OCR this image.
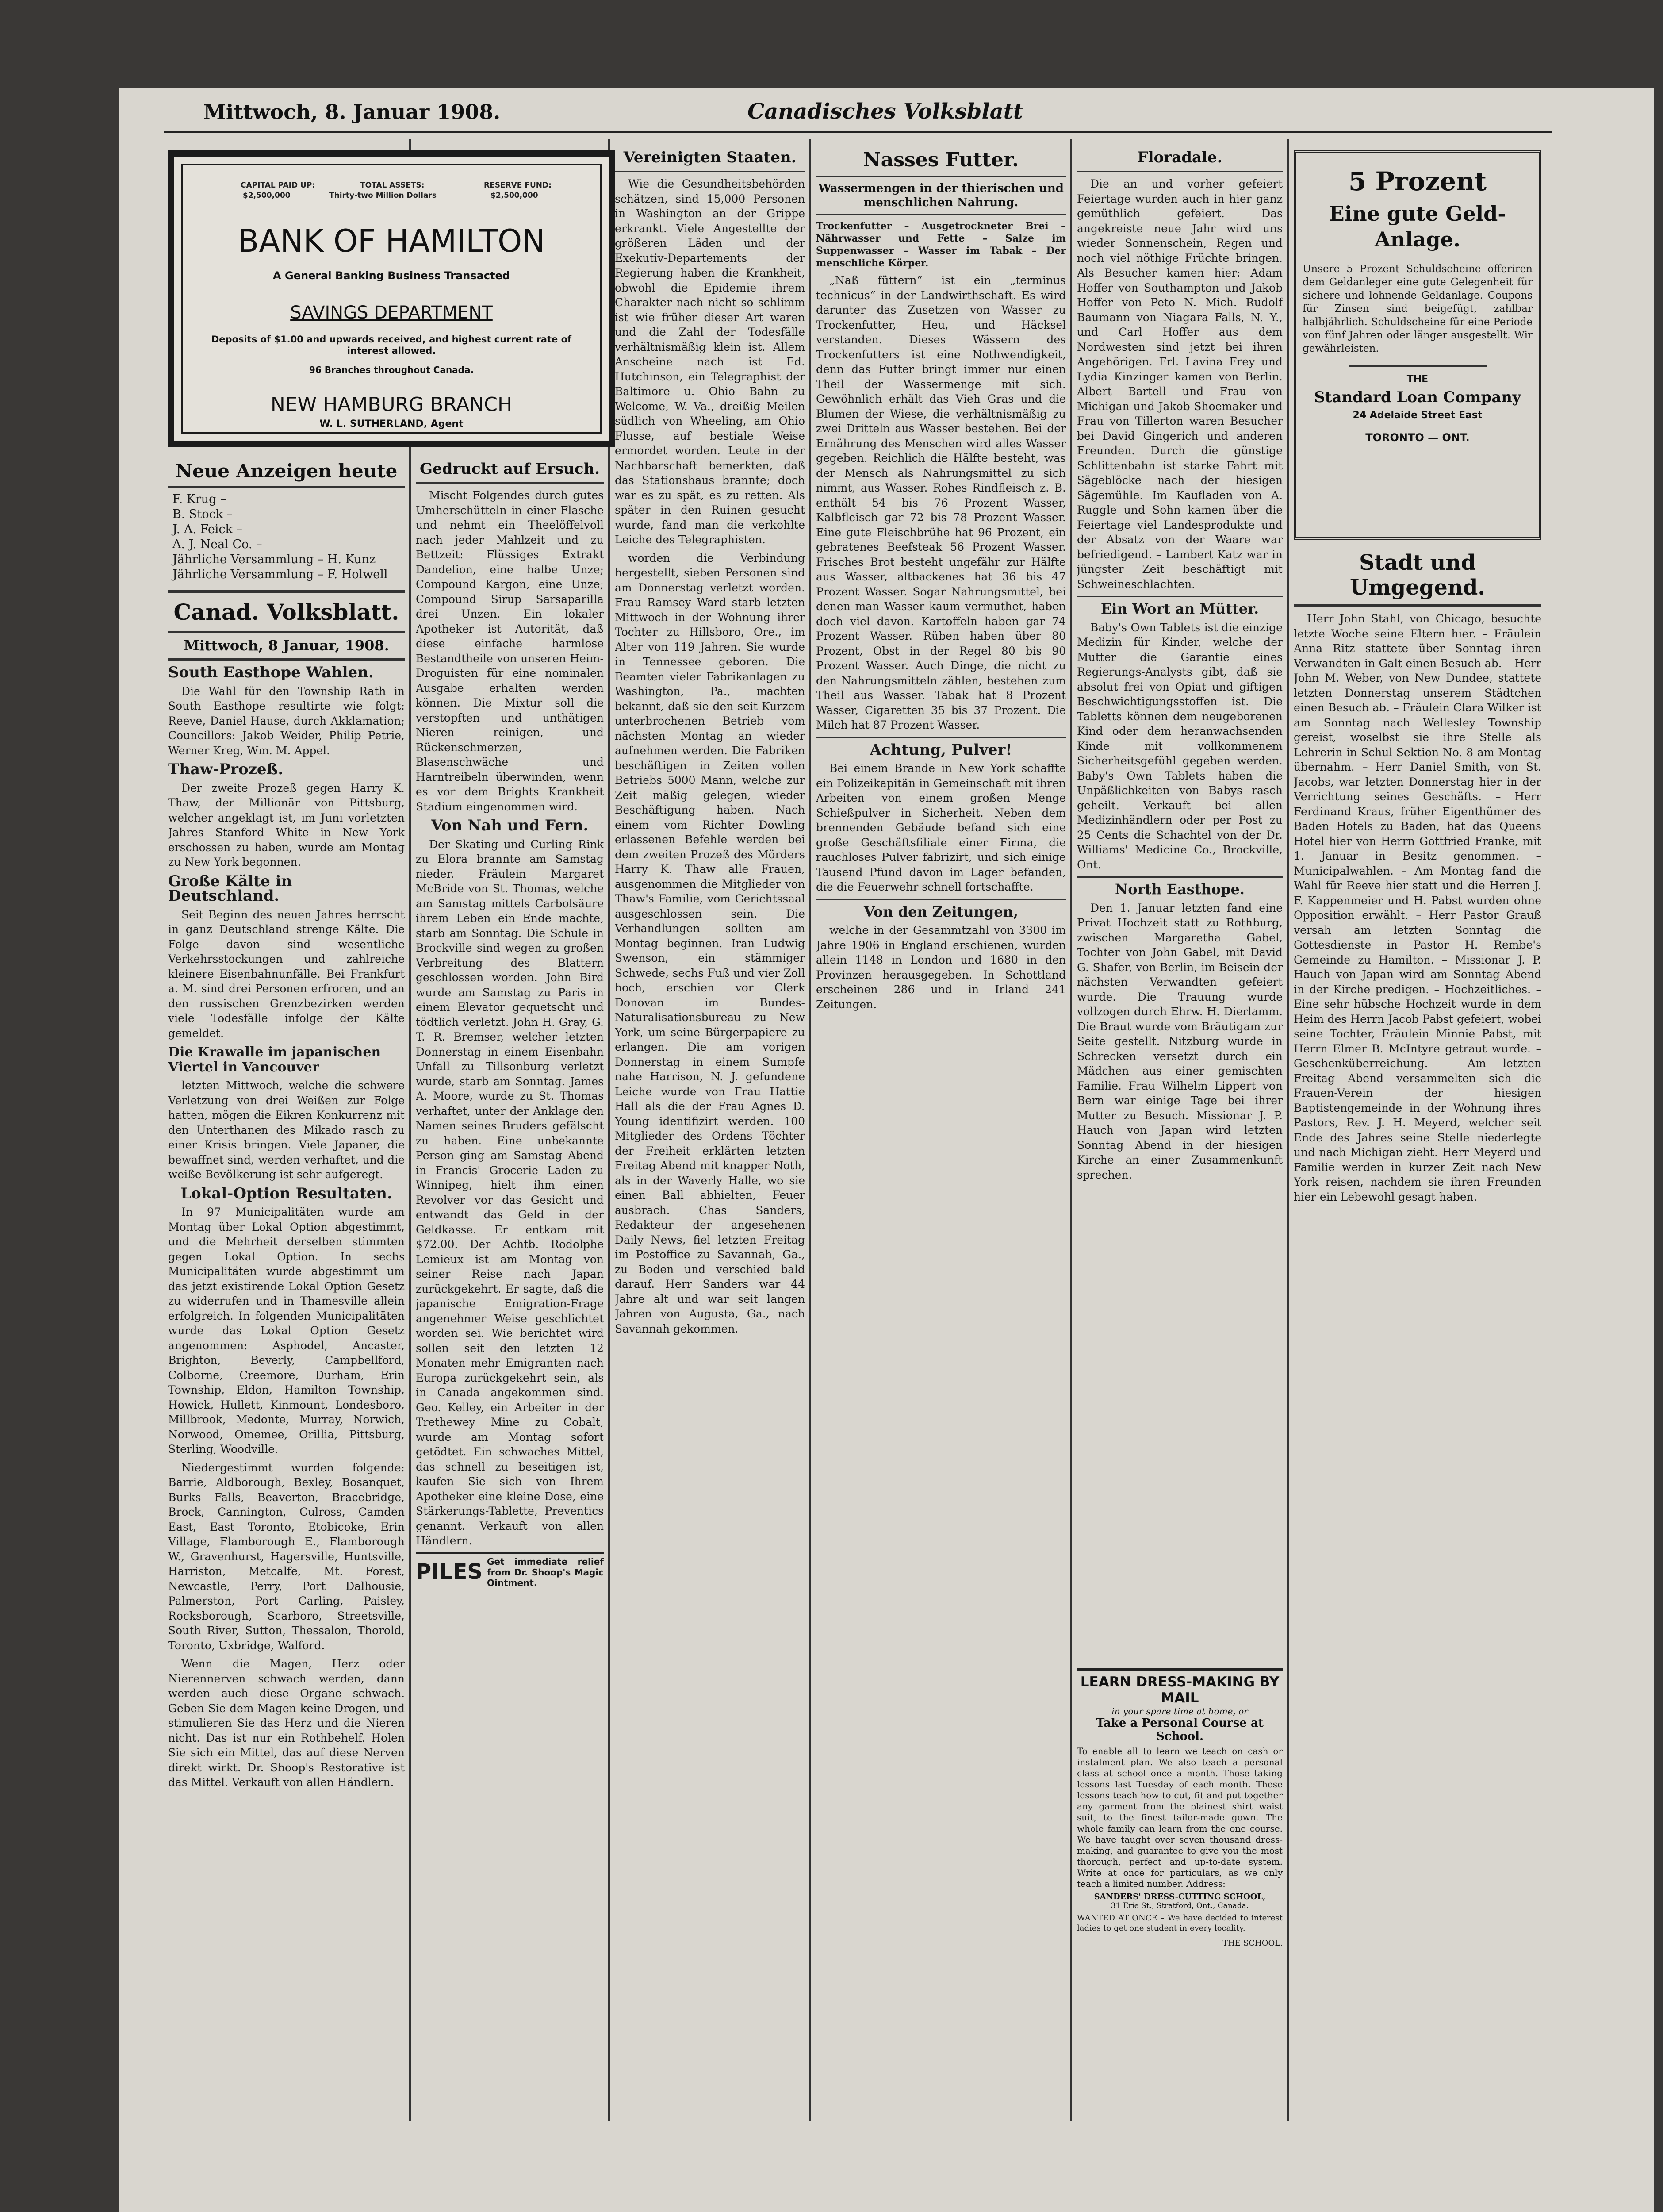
Mittwoch, 8. Januar 1908.	Canadisches Volksblatt
CAPITAL PAID UP:
$2,500,000
TOTAL ASSETS:
Thirty-two Million Dollars
RESERVE FUND:
$2,500,000
BANK OF HAMILTON
A General Banking Business Transacted
SAVINGS DEPARTMENT
Deposits of $1.00 and upwards received, and highest current rate of interest allowed.
96 Branches throughout Canada.
NEW HAMBURG BRANCH
W. L. SUTHERLAND, Agent
Neue Anzeigen heute
F. Krug –
B. Stock –
J. A. Feick –
A. J. Neal Co. –
Jährliche Versammlung – H. Kunz
Jährliche Versammlung – F. Holwell
Canad. Volksblatt.
Mittwoch, 8 Januar, 1908.
South Easthope Wahlen.

Die Wahl für den Township Rath in South Easthope resultirte wie folgt: Reeve, Daniel Hause, durch Akklamation; Councillors: Jakob Weider, Philip Petrie, Werner Kreg, Wm. M. Appel.

Thaw-Prozeß.

Der zweite Prozeß gegen Harry K. Thaw, der Millionär von Pittsburg, welcher angeklagt ist, im Juni vorletzten Jahres Stanford White in New York erschossen zu haben, wurde am Montag zu New York begonnen.

Große Kälte in Deutschland.

Seit Beginn des neuen Jahres herrscht in ganz Deutschland strenge Kälte. Die Folge davon sind wesentliche Verkehrsstockungen und zahlreiche kleinere Eisenbahnunfälle. Bei Frankfurt a. M. sind drei Personen erfroren, und an den russischen Grenzbezirken werden viele Todesfälle infolge der Kälte gemeldet.

Die Krawalle im japanischen Viertel in Vancouver

letzten Mittwoch, welche die schwere Verletzung von drei Weißen zur Folge hatten, mögen die Eikren Konkurrenz mit den Unterthanen des Mikado rasch zu einer Krisis bringen. Viele Japaner, die bewaffnet sind, werden verhaftet, und die weiße Bevölkerung ist sehr aufgeregt.

Lokal-Option Resultaten.

In 97 Municipalitäten wurde am Montag über Lokal Option abgestimmt, und die Mehrheit derselben stimmten gegen Lokal Option. In sechs Municipalitäten wurde abgestimmt um das jetzt existirende Lokal Option Gesetz zu widerrufen und in Thamesville allein erfolgreich. In folgenden Municipalitäten wurde das Lokal Option Gesetz angenommen: Asphodel, Ancaster, Brighton, Beverly, Campbellford, Colborne, Creemore, Durham, Erin Township, Eldon, Hamilton Township, Howick, Hullett, Kinmount, Londesboro, Millbrook, Medonte, Murray, Norwich, Norwood, Omemee, Orillia, Pittsburg, Sterling, Woodville.

Niedergestimmt wurden folgende: Barrie, Aldborough, Bexley, Bosanquet, Burks Falls, Beaverton, Bracebridge, Brock, Cannington, Culross, Camden East, East Toronto, Etobicoke, Erin Village, Flamborough E., Flamborough W., Gravenhurst, Hagersville, Huntsville, Harriston, Metcalfe, Mt. Forest, Newcastle, Perry, Port Dalhousie, Palmerston, Port Carling, Paisley, Rocksborough, Scarboro, Streetsville, South River, Sutton, Thessalon, Thorold, Toronto, Uxbridge, Walford.

Wenn die Magen, Herz oder Nierennerven schwach werden, dann werden auch diese Organe schwach. Geben Sie dem Magen keine Drogen, und stimulieren Sie das Herz und die Nieren nicht. Das ist nur ein Rothbehelf. Holen Sie sich ein Mittel, das auf diese Nerven direkt wirkt. Dr. Shoop's Restorative ist das Mittel. Verkauft von allen Händlern.

Gedruckt auf Ersuch.

Mischt Folgendes durch gutes Umherschütteln in einer Flasche und nehmt ein Theelöffelvoll nach jeder Mahlzeit und zu Bettzeit: Flüssiges Extrakt Dandelion, eine halbe Unze; Compound Kargon, eine Unze; Compound Sirup Sarsaparilla drei Unzen. Ein lokaler Apotheker ist Autorität, daß diese einfache harmlose Bestandtheile von unseren Heim-Droguisten für eine nominalen Ausgabe erhalten werden können. Die Mixtur soll die verstopften und unthätigen Nieren reinigen, und Rückenschmerzen, Blasenschwäche und Harntreibeln überwinden, wenn es vor dem Brights Krankheit Stadium eingenommen wird.

Von Nah und Fern.

Der Skating und Curling Rink zu Elora brannte am Samstag nieder. Fräulein Margaret McBride von St. Thomas, welche am Samstag mittels Carbolsäure ihrem Leben ein Ende machte, starb am Sonntag. Die Schule in Brockville sind wegen zu großen Verbreitung des Blattern geschlossen worden. John Bird wurde am Samstag zu Paris in einem Elevator gequetscht und tödtlich verletzt. John H. Gray, G. T. R. Bremser, welcher letzten Donnerstag in einem Eisenbahn Unfall zu Tillsonburg verletzt wurde, starb am Sonntag. James A. Moore, wurde zu St. Thomas verhaftet, unter der Anklage den Namen seines Bruders gefälscht zu haben. Eine unbekannte Person ging am Samstag Abend in Francis' Grocerie Laden zu Winnipeg, hielt ihm einen Revolver vor das Gesicht und entwandt das Geld in der Geldkasse. Er entkam mit $72.00. Der Achtb. Rodolphe Lemieux ist am Montag von seiner Reise nach Japan zurückgekehrt. Er sagte, daß die japanische Emigration-Frage angenehmer Weise geschlichtet worden sei. Wie berichtet wird sollen seit den letzten 12 Monaten mehr Emigranten nach Europa zurückgekehrt sein, als in Canada angekommen sind. Geo. Kelley, ein Arbeiter in der Trethewey Mine zu Cobalt, wurde am Montag sofort getödtet. Ein schwaches Mittel, das schnell zu beseitigen ist, kaufen Sie sich von Ihrem Apotheker eine kleine Dose, eine Stärkerungs-Tablette, Preventics genannt. Verkauft von allen Händlern.

PILES Get immediate relief from Dr. Shoop's Magic Ointment.
Vereinigten Staaten.

Wie die Gesundheitsbehörden schätzen, sind 15,000 Personen in Washington an der Grippe erkrankt. Viele Angestellte der größeren Läden und der Exekutiv-Departements der Regierung haben die Krankheit, obwohl die Epidemie ihrem Charakter nach nicht so schlimm ist wie früher dieser Art waren und die Zahl der Todesfälle verhältnismäßig klein ist. Allem Anscheine nach ist Ed. Hutchinson, ein Telegraphist der Baltimore u. Ohio Bahn zu Welcome, W. Va., dreißig Meilen südlich von Wheeling, am Ohio Flusse, auf bestiale Weise ermordet worden. Leute in der Nachbarschaft bemerkten, daß das Stationshaus brannte; doch war es zu spät, es zu retten. Als später in den Ruinen gesucht wurde, fand man die verkohlte Leiche des Telegraphisten.

worden die Verbindung hergestellt, sieben Personen sind am Donnerstag verletzt worden. Frau Ramsey Ward starb letzten Mittwoch in der Wohnung ihrer Tochter zu Hillsboro, Ore., im Alter von 119 Jahren. Sie wurde in Tennessee geboren. Die Beamten vieler Fabrikanlagen zu Washington, Pa., machten bekannt, daß sie den seit Kurzem unterbrochenen Betrieb vom nächsten Montag an wieder aufnehmen werden. Die Fabriken beschäftigen in Zeiten vollen Betriebs 5000 Mann, welche zur Zeit mäßig gelegen, wieder Beschäftigung haben. Nach einem vom Richter Dowling erlassenen Befehle werden bei dem zweiten Prozeß des Mörders Harry K. Thaw alle Frauen, ausgenommen die Mitglieder von Thaw's Familie, vom Gerichtssaal ausgeschlossen sein. Die Verhandlungen sollten am Montag beginnen. Iran Ludwig Swenson, ein stämmiger Schwede, sechs Fuß und vier Zoll hoch, erschien vor Clerk Donovan im Bundes-Naturalisationsbureau zu New York, um seine Bürgerpapiere zu erlangen. Die am vorigen Donnerstag in einem Sumpfe nahe Harrison, N. J. gefundene Leiche wurde von Frau Hattie Hall als die der Frau Agnes D. Young identifizirt werden. 100 Mitglieder des Ordens Töchter der Freiheit erklärten letzten Freitag Abend mit knapper Noth, als in der Waverly Halle, wo sie einen Ball abhielten, Feuer ausbrach. Chas Sanders, Redakteur der angesehenen Daily News, fiel letzten Freitag im Postoffice zu Savannah, Ga., zu Boden und verschied bald darauf. Herr Sanders war 44 Jahre alt und war seit langen Jahren von Augusta, Ga., nach Savannah gekommen.

Nasses Futter.
Wassermengen in der thierischen und menschlichen Nahrung.

Trockenfutter – Ausgetrockneter Brei – Nährwasser und Fette – Salze im Suppenwasser – Wasser im Tabak – Der menschliche Körper.

„Naß füttern“ ist ein „terminus technicus“ in der Landwirthschaft. Es wird darunter das Zusetzen von Wasser zu Trockenfutter, Heu, und Häcksel verstanden. Dieses Wässern des Trockenfutters ist eine Nothwendigkeit, denn das Futter bringt immer nur einen Theil der Wassermenge mit sich. Gewöhnlich erhält das Vieh Gras und die Blumen der Wiese, die verhältnismäßig zu zwei Dritteln aus Wasser bestehen. Bei der Ernährung des Menschen wird alles Wasser gegeben. Reichlich die Hälfte besteht, was der Mensch als Nahrungsmittel zu sich nimmt, aus Wasser. Rohes Rindfleisch z. B. enthält 54 bis 76 Prozent Wasser, Kalbfleisch gar 72 bis 78 Prozent Wasser. Eine gute Fleischbrühe hat 96 Prozent, ein gebratenes Beefsteak 56 Prozent Wasser. Frisches Brot besteht ungefähr zur Hälfte aus Wasser, altbackenes hat 36 bis 47 Prozent Wasser. Sogar Nahrungsmittel, bei denen man Wasser kaum vermuthet, haben doch viel davon. Kartoffeln haben gar 74 Prozent Wasser. Rüben haben über 80 Prozent, Obst in der Regel 80 bis 90 Prozent Wasser. Auch Dinge, die nicht zu den Nahrungsmitteln zählen, bestehen zum Theil aus Wasser. Tabak hat 8 Prozent Wasser, Cigaretten 35 bis 37 Prozent. Die Milch hat 87 Prozent Wasser.

Achtung, Pulver!

Bei einem Brande in New York schaffte ein Polizeikapitän in Gemeinschaft mit ihren Arbeiten von einem großen Menge Schießpulver in Sicherheit. Neben dem brennenden Gebäude befand sich eine große Geschäftsfiliale einer Firma, die rauchloses Pulver fabrizirt, und sich einige Tausend Pfund davon im Lager befanden, die die Feuerwehr schnell fortschaffte.

Von den Zeitungen,

welche in der Gesammtzahl von 3300 im Jahre 1906 in England erschienen, wurden allein 1148 in London und 1680 in den Provinzen herausgegeben. In Schottland erscheinen 286 und in Irland 241 Zeitungen.

Floradale.

Die an und vorher gefeiert Feiertage wurden auch in hier ganz gemüthlich gefeiert. Das angekreiste neue Jahr wird uns wieder Sonnenschein, Regen und noch viel nöthige Früchte bringen. Als Besucher kamen hier: Adam Hoffer von Southampton und Jakob Hoffer von Peto N. Mich. Rudolf Baumann von Niagara Falls, N. Y., und Carl Hoffer aus dem Nordwesten sind jetzt bei ihren Angehörigen. Frl. Lavina Frey und Lydia Kinzinger kamen von Berlin. Albert Bartell und Frau von Michigan und Jakob Shoemaker und Frau von Tillerton waren Besucher bei David Gingerich und anderen Freunden. Durch die günstige Schlittenbahn ist starke Fahrt mit Sägeblöcke nach der hiesigen Sägemühle. Im Kaufladen von A. Ruggle und Sohn kamen über die Feiertage viel Landesprodukte und der Absatz von der Waare war befriedigend. – Lambert Katz war in jüngster Zeit beschäftigt mit Schweineschlachten.

Ein Wort an Mütter.

Baby's Own Tablets ist die einzige Medizin für Kinder, welche der Mutter die Garantie eines Regierungs-Analysts gibt, daß sie absolut frei von Opiat und giftigen Beschwichtigungsstoffen ist. Die Tabletts können dem neugeborenen Kind oder dem heranwachsenden Kinde mit vollkommenem Sicherheitsgefühl gegeben werden. Baby's Own Tablets haben die Unpäßlichkeiten von Babys rasch geheilt. Verkauft bei allen Medizinhändlern oder per Post zu 25 Cents die Schachtel von der Dr. Williams' Medicine Co., Brockville, Ont.

North Easthope.

Den 1. Januar letzten fand eine Privat Hochzeit statt zu Rothburg, zwischen Margaretha Gabel, Tochter von John Gabel, mit David G. Shafer, von Berlin, im Beisein der nächsten Verwandten gefeiert wurde. Die Trauung wurde vollzogen durch Ehrw. H. Dierlamm. Die Braut wurde vom Bräutigam zur Seite gestellt. Nitzburg wurde in Schrecken versetzt durch ein Mädchen aus einer gemischten Familie. Frau Wilhelm Lippert von Bern war einige Tage bei ihrer Mutter zu Besuch. Missionar J. P. Hauch von Japan wird letzten Sonntag Abend in der hiesigen Kirche an einer Zusammenkunft sprechen.

LEARN DRESS-MAKING BY MAIL
in your spare time at home, or
Take a Personal Course at School.

To enable all to learn we teach on cash or instalment plan. We also teach a personal class at school once a month. Those taking lessons last Tuesday of each month. These lessons teach how to cut, fit and put together any garment from the plainest shirt waist suit, to the finest tailor-made gown. The whole family can learn from the one course. We have taught over seven thousand dress-making, and guarantee to give you the most thorough, perfect and up-to-date system. Write at once for particulars, as we only teach a limited number. Address:

SANDERS' DRESS-CUTTING SCHOOL,
31 Erie St., Stratford, Ont., Canada.

WANTED AT ONCE – We have decided to interest ladies to get one student in every locality.

THE SCHOOL.
5 Prozent
Eine gute Geld-Anlage.

Unsere 5 Prozent Schuldscheine offeriren dem Geldanleger eine gute Gelegenheit für sichere und lohnende Geldanlage. Coupons für Zinsen sind beigefügt, zahlbar halbjährlich. Schuldscheine für eine Periode von fünf Jahren oder länger ausgestellt. Wir gewährleisten.

THE
Standard Loan Company
24 Adelaide Street East
TORONTO — ONT.
Stadt und Umgegend.

Herr John Stahl, von Chicago, besuchte letzte Woche seine Eltern hier. – Fräulein Anna Ritz stattete über Sonntag ihren Verwandten in Galt einen Besuch ab. – Herr John M. Weber, von New Dundee, stattete letzten Donnerstag unserem Städtchen einen Besuch ab. – Fräulein Clara Wilker ist am Sonntag nach Wellesley Township gereist, woselbst sie ihre Stelle als Lehrerin in Schul-Sektion No. 8 am Montag übernahm. – Herr Daniel Smith, von St. Jacobs, war letzten Donnerstag hier in der Verrichtung seines Geschäfts. – Herr Ferdinand Kraus, früher Eigenthümer des Baden Hotels zu Baden, hat das Queens Hotel hier von Herrn Gottfried Franke, mit 1. Januar in Besitz genommen. – Municipalwahlen. – Am Montag fand die Wahl für Reeve hier statt und die Herren J. F. Kappenmeier und H. Pabst wurden ohne Opposition erwählt. – Herr Pastor Grauß versah am letzten Sonntag die Gottesdienste in Pastor H. Rembe's Gemeinde zu Hamilton. – Missionar J. P. Hauch von Japan wird am Sonntag Abend in der Kirche predigen. – Hochzeitliches. – Eine sehr hübsche Hochzeit wurde in dem Heim des Herrn Jacob Pabst gefeiert, wobei seine Tochter, Fräulein Minnie Pabst, mit Herrn Elmer B. McIntyre getraut wurde. – Geschenküberreichung. – Am letzten Freitag Abend versammelten sich die Frauen-Verein der hiesigen Baptistengemeinde in der Wohnung ihres Pastors, Rev. J. H. Meyerd, welcher seit Ende des Jahres seine Stelle niederlegte und nach Michigan zieht. Herr Meyerd und Familie werden in kurzer Zeit nach New York reisen, nachdem sie ihren Freunden hier ein Lebewohl gesagt haben.
